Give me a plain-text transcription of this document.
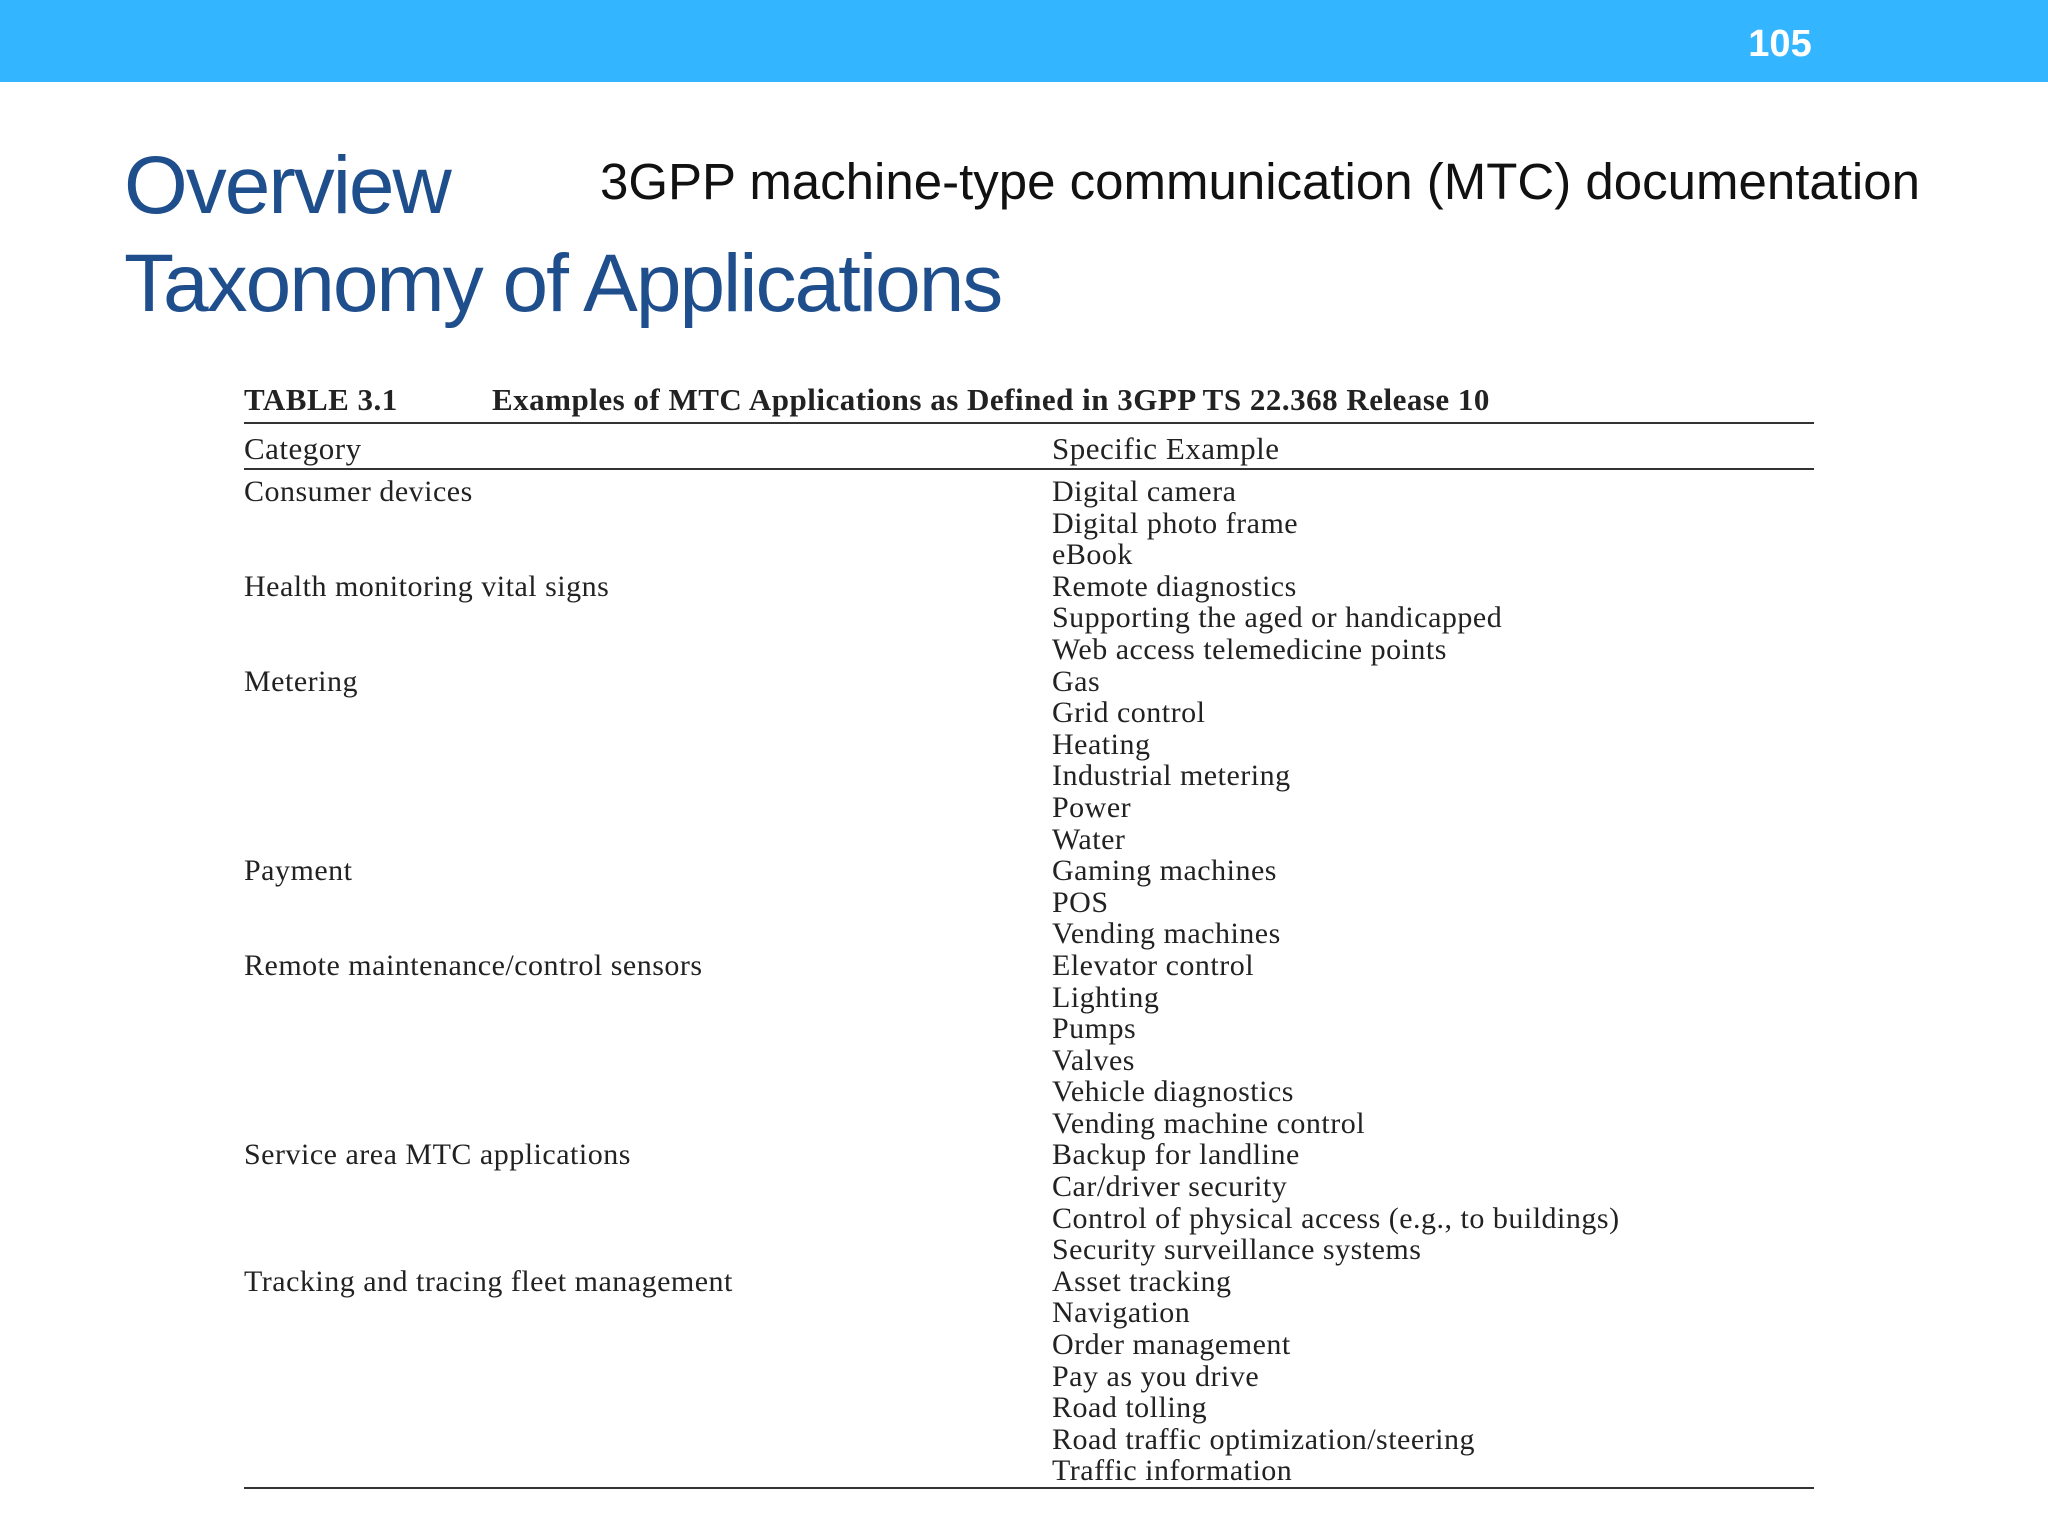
105
Overview
Taxonomy of Applications
3GPP machine-type communication (MTC) documentation
TABLE 3.1	Examples of MTC Applications as Defined in 3GPP TS 22.368 Release 10
Category	Specific Example
Consumer devices	Digital camera
Digital photo frame
eBook
Health monitoring vital signs	Remote diagnostics
Supporting the aged or handicapped
Web access telemedicine points
Metering	Gas
Grid control
Heating
Industrial metering
Power
Water
Payment	Gaming machines
POS
Vending machines
Remote maintenance/control sensors	Elevator control
Lighting
Pumps
Valves
Vehicle diagnostics
Vending machine control
Service area MTC applications	Backup for landline
Car/driver security
Control of physical access (e.g., to buildings)
Security surveillance systems
Tracking and tracing fleet management	Asset tracking
Navigation
Order management
Pay as you drive
Road tolling
Road traffic optimization/steering
Traffic information
